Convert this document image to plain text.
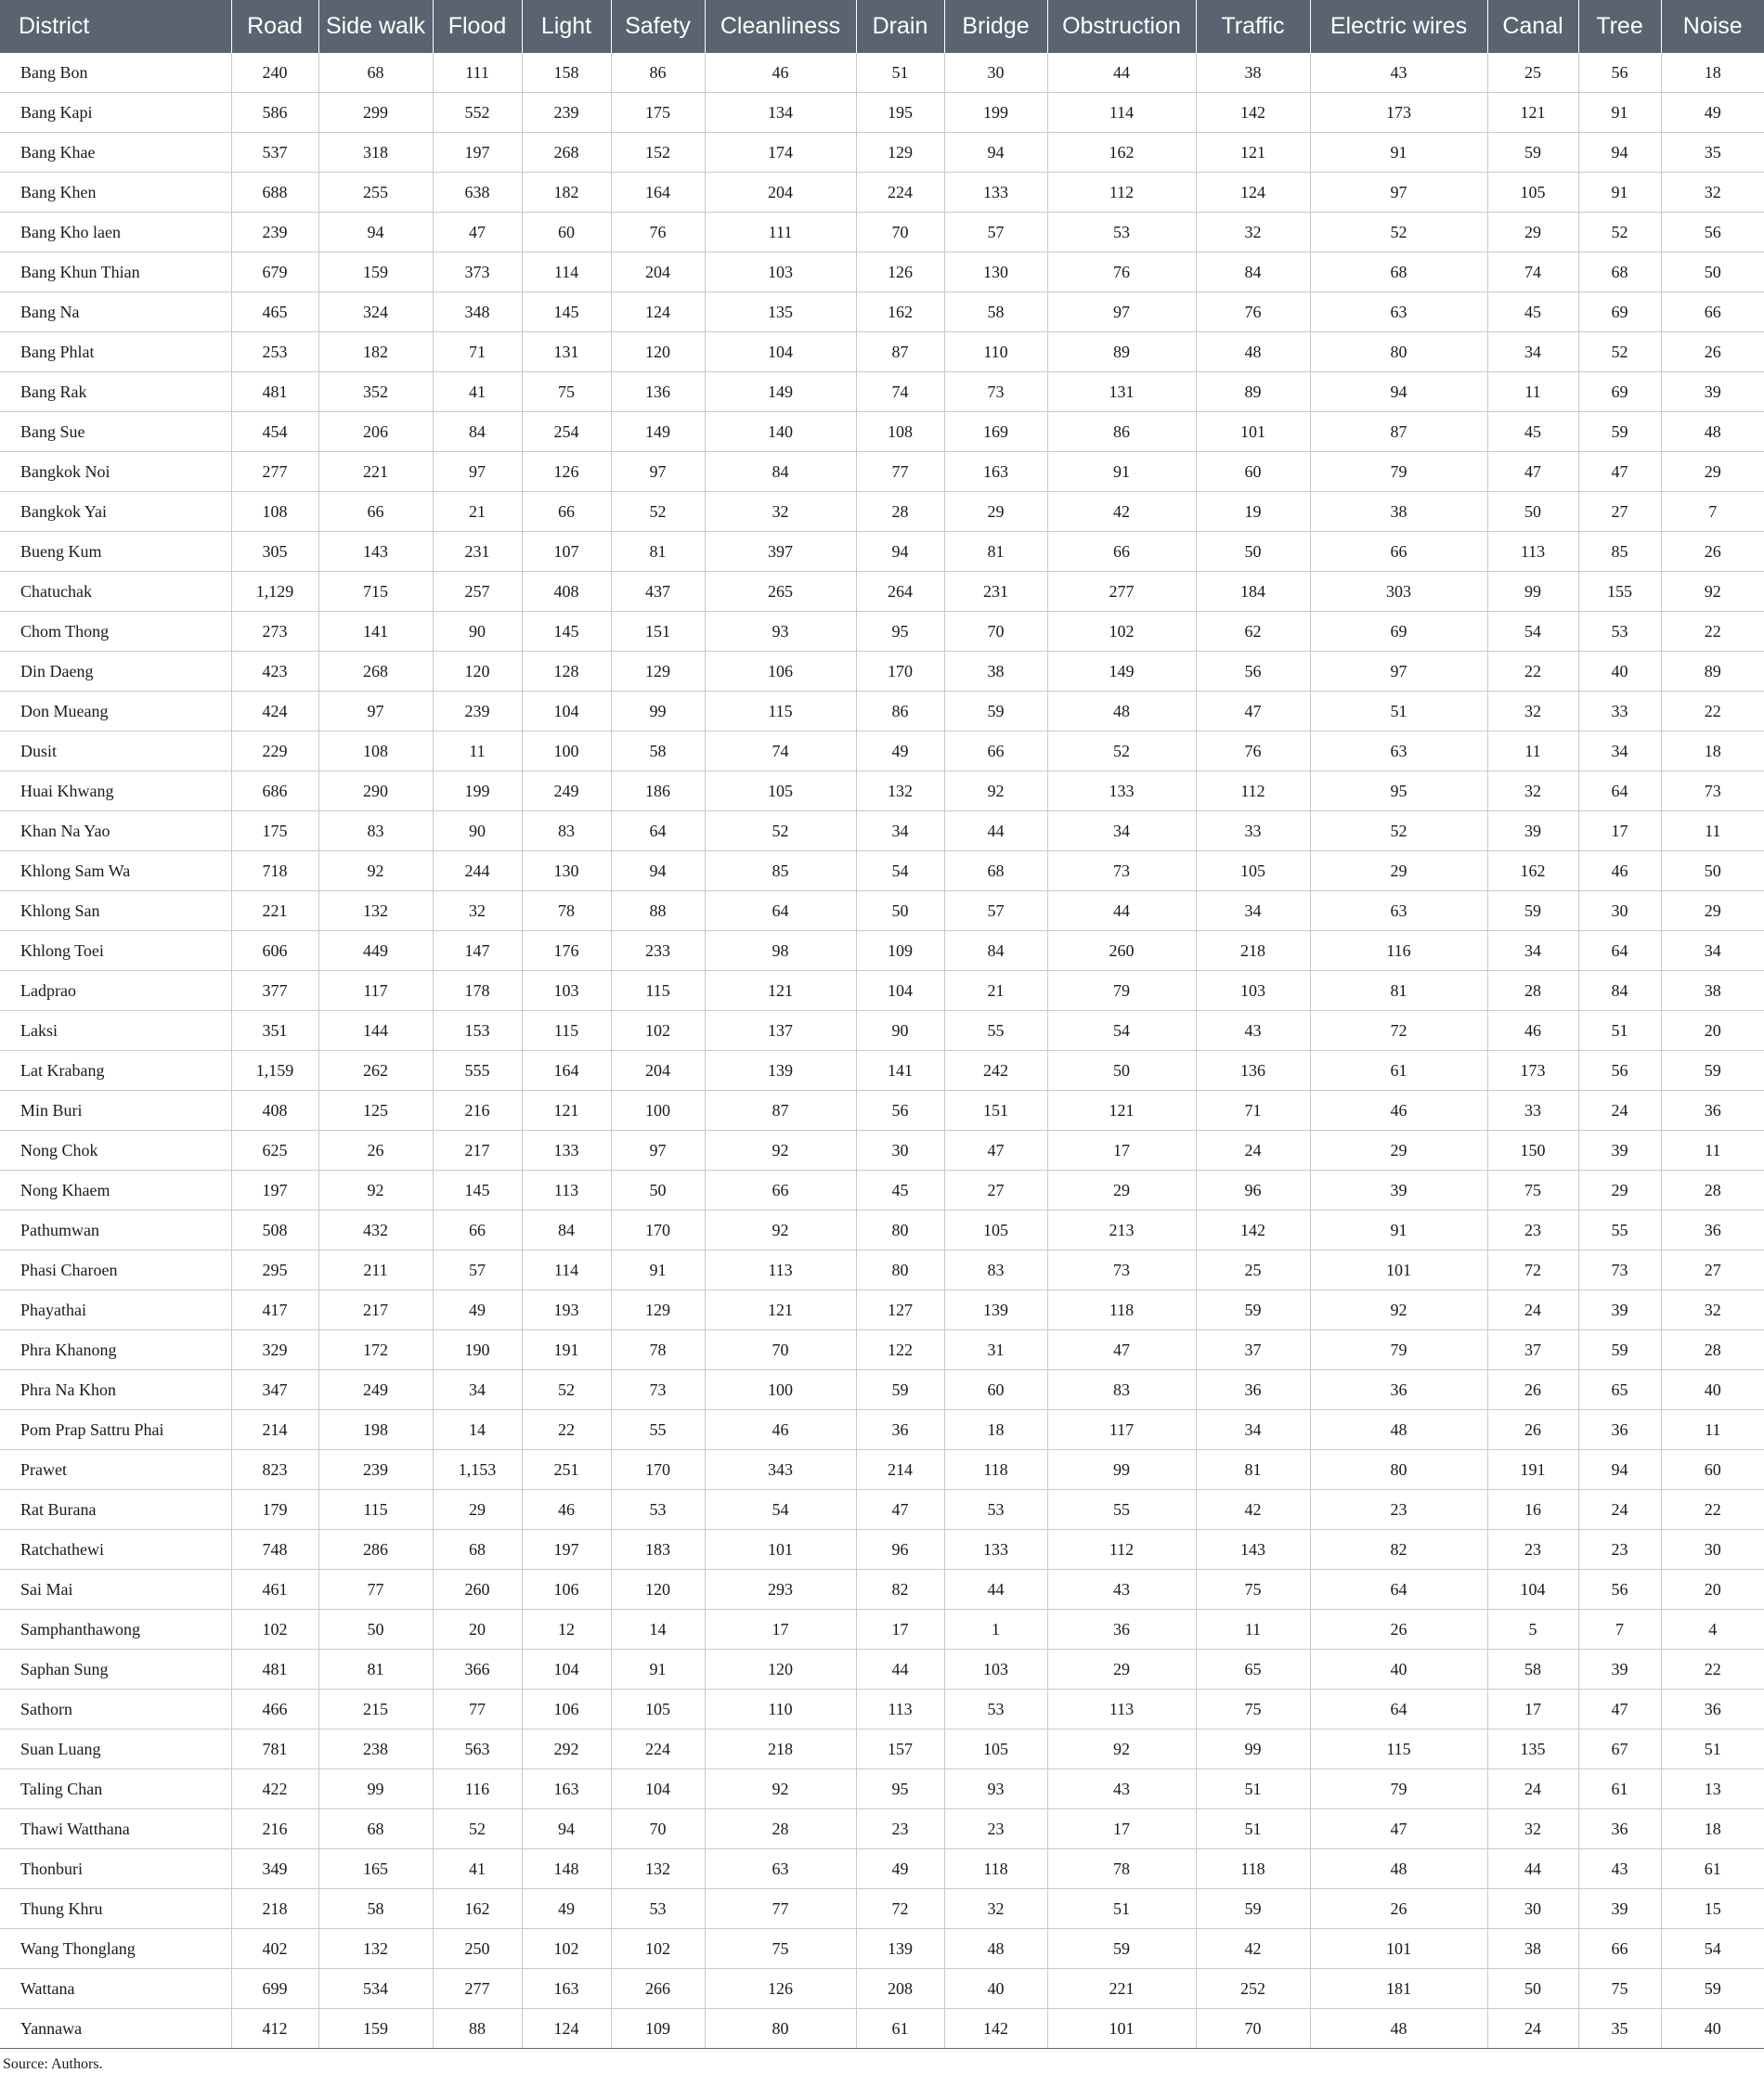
District	Road	Side walk	Flood	Light	Safety	Cleanliness	Drain	Bridge	Obstruction	Traffic	Electric wires	Canal	Tree	Noise
Bang Bon	240	68	111	158	86	46	51	30	44	38	43	25	56	18
Bang Kapi	586	299	552	239	175	134	195	199	114	142	173	121	91	49
Bang Khae	537	318	197	268	152	174	129	94	162	121	91	59	94	35
Bang Khen	688	255	638	182	164	204	224	133	112	124	97	105	91	32
Bang Kho laen	239	94	47	60	76	111	70	57	53	32	52	29	52	56
Bang Khun Thian	679	159	373	114	204	103	126	130	76	84	68	74	68	50
Bang Na	465	324	348	145	124	135	162	58	97	76	63	45	69	66
Bang Phlat	253	182	71	131	120	104	87	110	89	48	80	34	52	26
Bang Rak	481	352	41	75	136	149	74	73	131	89	94	11	69	39
Bang Sue	454	206	84	254	149	140	108	169	86	101	87	45	59	48
Bangkok Noi	277	221	97	126	97	84	77	163	91	60	79	47	47	29
Bangkok Yai	108	66	21	66	52	32	28	29	42	19	38	50	27	7
Bueng Kum	305	143	231	107	81	397	94	81	66	50	66	113	85	26
Chatuchak	1,129	715	257	408	437	265	264	231	277	184	303	99	155	92
Chom Thong	273	141	90	145	151	93	95	70	102	62	69	54	53	22
Din Daeng	423	268	120	128	129	106	170	38	149	56	97	22	40	89
Don Mueang	424	97	239	104	99	115	86	59	48	47	51	32	33	22
Dusit	229	108	11	100	58	74	49	66	52	76	63	11	34	18
Huai Khwang	686	290	199	249	186	105	132	92	133	112	95	32	64	73
Khan Na Yao	175	83	90	83	64	52	34	44	34	33	52	39	17	11
Khlong Sam Wa	718	92	244	130	94	85	54	68	73	105	29	162	46	50
Khlong San	221	132	32	78	88	64	50	57	44	34	63	59	30	29
Khlong Toei	606	449	147	176	233	98	109	84	260	218	116	34	64	34
Ladprao	377	117	178	103	115	121	104	21	79	103	81	28	84	38
Laksi	351	144	153	115	102	137	90	55	54	43	72	46	51	20
Lat Krabang	1,159	262	555	164	204	139	141	242	50	136	61	173	56	59
Min Buri	408	125	216	121	100	87	56	151	121	71	46	33	24	36
Nong Chok	625	26	217	133	97	92	30	47	17	24	29	150	39	11
Nong Khaem	197	92	145	113	50	66	45	27	29	96	39	75	29	28
Pathumwan	508	432	66	84	170	92	80	105	213	142	91	23	55	36
Phasi Charoen	295	211	57	114	91	113	80	83	73	25	101	72	73	27
Phayathai	417	217	49	193	129	121	127	139	118	59	92	24	39	32
Phra Khanong	329	172	190	191	78	70	122	31	47	37	79	37	59	28
Phra Na Khon	347	249	34	52	73	100	59	60	83	36	36	26	65	40
Pom Prap Sattru Phai	214	198	14	22	55	46	36	18	117	34	48	26	36	11
Prawet	823	239	1,153	251	170	343	214	118	99	81	80	191	94	60
Rat Burana	179	115	29	46	53	54	47	53	55	42	23	16	24	22
Ratchathewi	748	286	68	197	183	101	96	133	112	143	82	23	23	30
Sai Mai	461	77	260	106	120	293	82	44	43	75	64	104	56	20
Samphanthawong	102	50	20	12	14	17	17	1	36	11	26	5	7	4
Saphan Sung	481	81	366	104	91	120	44	103	29	65	40	58	39	22
Sathorn	466	215	77	106	105	110	113	53	113	75	64	17	47	36
Suan Luang	781	238	563	292	224	218	157	105	92	99	115	135	67	51
Taling Chan	422	99	116	163	104	92	95	93	43	51	79	24	61	13
Thawi Watthana	216	68	52	94	70	28	23	23	17	51	47	32	36	18
Thonburi	349	165	41	148	132	63	49	118	78	118	48	44	43	61
Thung Khru	218	58	162	49	53	77	72	32	51	59	26	30	39	15
Wang Thonglang	402	132	250	102	102	75	139	48	59	42	101	38	66	54
Wattana	699	534	277	163	266	126	208	40	221	252	181	50	75	59
Yannawa	412	159	88	124	109	80	61	142	101	70	48	24	35	40
Source: Authors.
